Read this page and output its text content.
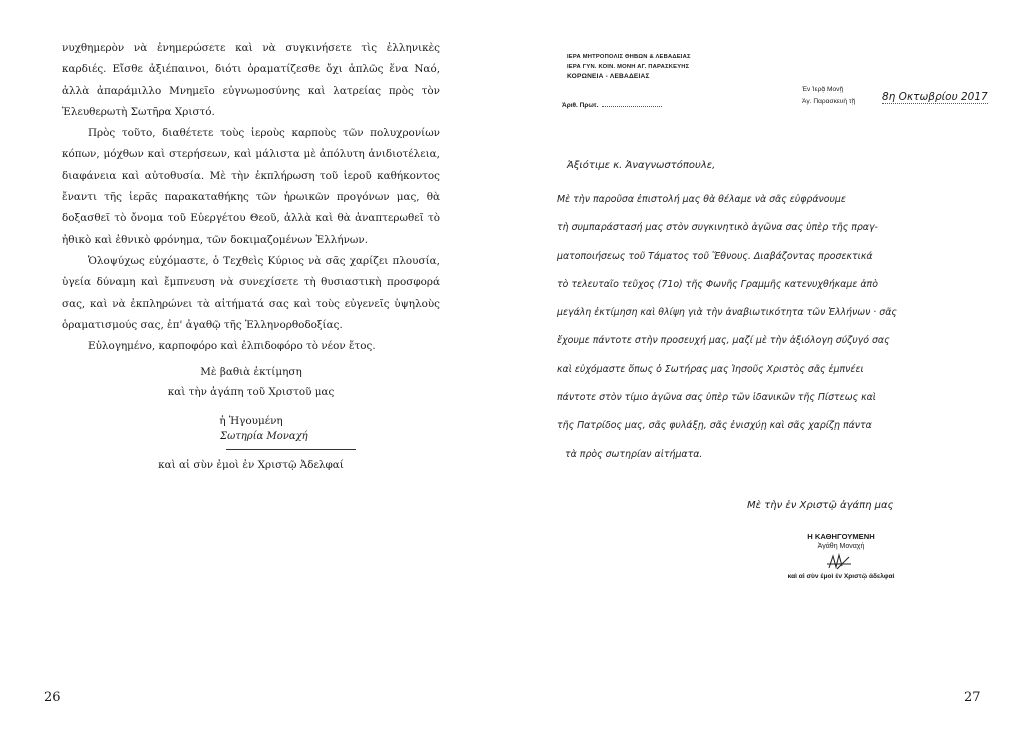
νυχθημερὸν νὰ ἐνημερώσετε καὶ νὰ συγκινήσετε τὶς ἑλληνικὲς καρδιές. Εἴσθε ἀξιέπαινοι, διότι ὁραματίζεσθε ὄχι ἁπλῶς ἕνα Ναό, ἀλλὰ ἀπαράμιλλο Μνημεῖο εὐγνωμοσύνης καὶ λατρείας πρὸς τὸν Ἐλευθερωτὴ Σωτῆρα Χριστό.

Πρὸς τοῦτο, διαθέτετε τοὺς ἱεροὺς καρποὺς τῶν πολυχρονίων κόπων, μόχθων καὶ στερήσεων, καὶ μάλιστα μὲ ἀπόλυτη ἀνιδιοτέλεια, διαφάνεια καὶ αὐτοθυσία. Μὲ τὴν ἐκπλήρωση τοῦ ἱεροῦ καθήκοντος ἔναντι τῆς ἱερᾶς παρακαταθήκης τῶν ἡρωικῶν προγόνων μας, θὰ δοξασθεῖ τὸ ὄνομα τοῦ Εὐεργέτου Θεοῦ, ἀλλὰ καὶ θὰ ἀναπτερωθεῖ τὸ ἠθικὸ καὶ ἐθνικὸ φρόνημα, τῶν δοκιμαζομένων Ἑλλήνων.

Ὁλοψύχως εὐχόμαστε, ὁ Τεχθεὶς Κύριος νὰ σᾶς χαρίζει πλουσία, ὑγεία δύναμη καὶ ἔμπνευση νὰ συνεχίσετε τὴ θυσιαστικὴ προσφορά σας, καὶ νὰ ἐκπληρώνει τὰ αἰτήματά σας καὶ τοὺς εὐγενεῖς ὑψηλοὺς ὁραματισμούς σας, ἐπ' ἀγαθῷ τῆς Ἑλληνορθοδοξίας.

Εὐλογημένο, καρποφόρο καὶ ἐλπιδοφόρο τὸ νέον ἔτος.

Μὲ βαθιὰ ἐκτίμηση
καὶ τὴν ἀγάπη τοῦ Χριστοῦ μας
ἡ Ἡγουμένη
Σωτηρία Μοναχή
καὶ αἱ σὺν ἐμοὶ ἐν Χριστῷ Ἀδελφαί
26
ΙΕΡΑ ΜΗΤΡΟΠΟΛΙΣ ΘΗΒΩΝ & ΛΕΒΑΔΕΙΑΣ
ΙΕΡΑ ΓΥΝ. ΚΟΙΝ. ΜΟΝΗ ΑΓ. ΠΑΡΑΣΚΕΥΗΣ
ΚΟΡΩΝΕΙΑ - ΛΕΒΑΔΕΙΑΣ
Ἀριθ. Πρωτ.
Ἐν Ἱερᾷ Μονῇ
Ἁγ. Παρασκευὴ τῇ	8η Οκτωβρίου 2017
Ἀξιότιμε κ. Ἀναγνωστόπουλε,
Μὲ τὴν παροῦσα ἐπιστολή μας θὰ θέλαμε νὰ σᾶς εὐφράνουμε
τὴ συμπαράστασή μας στὸν συγκινητικὸ ἀγῶνα σας ὑπὲρ τῆς πραγ-
ματοποιήσεως τοῦ Τάματος τοῦ Ἔθνους. Διαβάζοντας προσεκτικά
τὸ τελευταῖο τεῦχος (71ο) τῆς Φωνῆς Γραμμῆς κατενυχθήκαμε ἀπὸ
μεγάλη ἐκτίμηση καὶ θλίψη γιὰ τὴν ἀναβιωτικότητα τῶν Ἑλλήνων · σᾶς
ἔχουμε πάντοτε στὴν προσευχή μας, μαζί μὲ τὴν ἀξιόλογη σύζυγό σας
καὶ εὐχόμαστε ὅπως ὁ Σωτήρας μας Ἰησοῦς Χριστὸς σᾶς ἐμπνέει
πάντοτε στὸν τίμιο ἀγῶνα σας ὑπὲρ τῶν ἰδανικῶν τῆς Πίστεως καὶ
τῆς Πατρίδος μας, σᾶς φυλάξῃ, σᾶς ἐνισχύῃ καὶ σᾶς χαρίζῃ πάντα
τὰ πρὸς σωτηρίαν αἰτήματα.
Μὲ τὴν ἐν Χριστῷ ἀγάπη μας
Η ΚΑΘΗΓΟΥΜΕΝΗ
Ἀγάθη Μοναχή
καὶ αἱ σὺν ἐμοὶ ἐν Χριστῷ ἀδελφαί
27
